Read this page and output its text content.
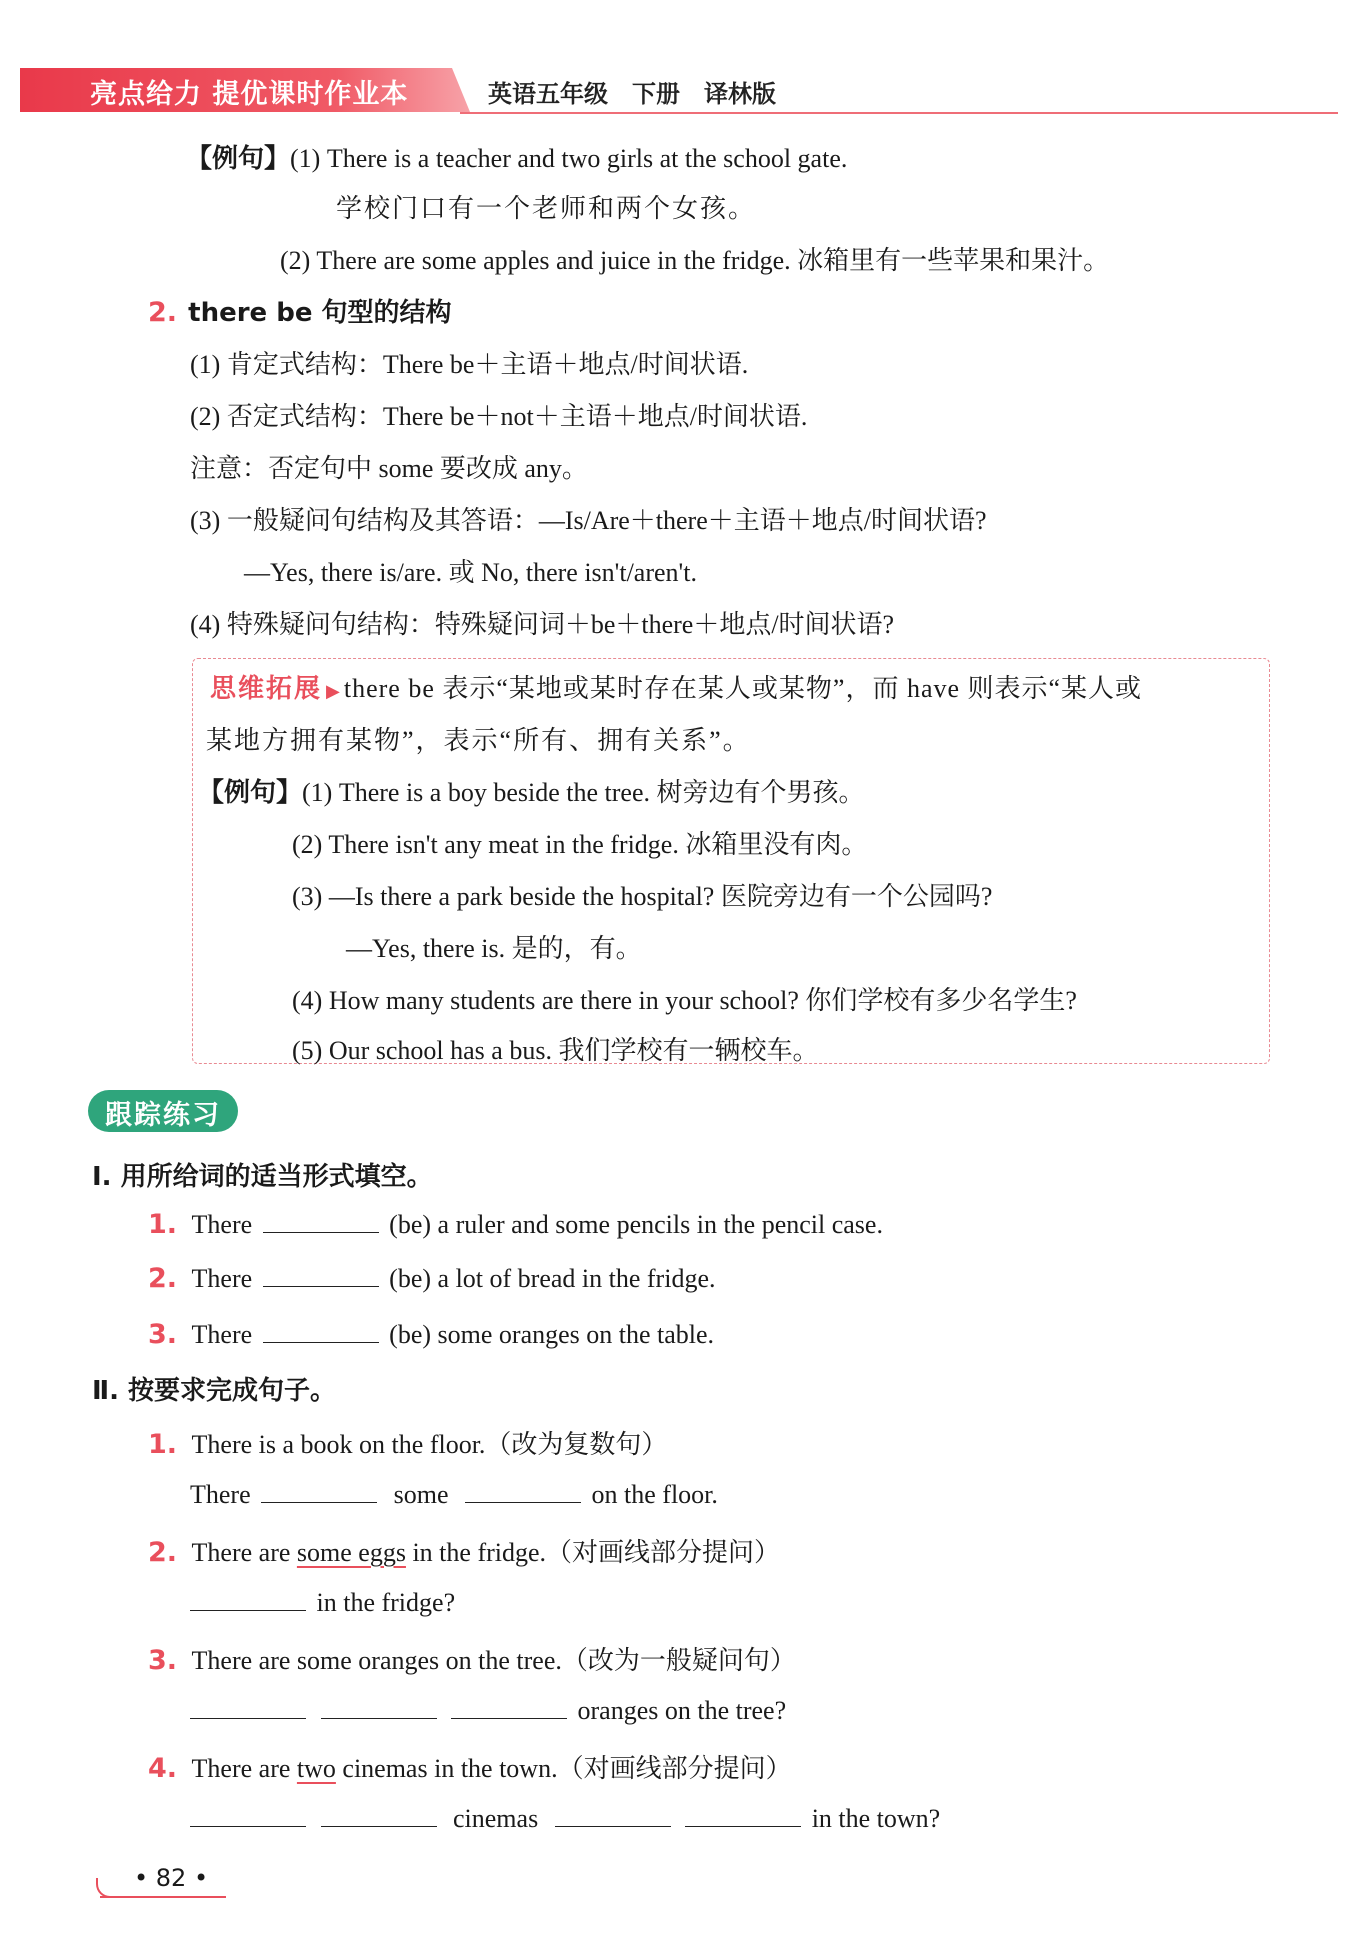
亮点给力 提优课时作业本	英语五年级　下册　译林版
【例句】(1) There is a teacher and two girls at the school gate.
学校门口有一个老师和两个女孩。
(2) There are some apples and juice in the fridge. 冰箱里有一些苹果和果汁。
2. there be 句型的结构
(1) 肯定式结构：There be＋主语＋地点/时间状语.
(2) 否定式结构：There be＋not＋主语＋地点/时间状语.
注意：否定句中 some 要改成 any。
(3) 一般疑问句结构及其答语：—Is/Are＋there＋主语＋地点/时间状语?
—Yes, there is/are. 或 No, there isn't/aren't.
(4) 特殊疑问句结构：特殊疑问词＋be＋there＋地点/时间状语?
思维拓展 ▶ there be 表示“某地或某时存在某人或某物”，而 have 则表示“某人或
某地方拥有某物”，表示“所有、拥有关系”。
【例句】(1) There is a boy beside the tree. 树旁边有个男孩。
(2) There isn't any meat in the fridge. 冰箱里没有肉。
(3) —Is there a park beside the hospital? 医院旁边有一个公园吗?
—Yes, there is. 是的，有。
(4) How many students are there in your school? 你们学校有多少名学生?
(5) Our school has a bus. 我们学校有一辆校车。
跟踪练习
Ⅰ. 用所给词的适当形式填空。
1. There	(be) a ruler and some pencils in the pencil case.
2. There	(be) a lot of bread in the fridge.
3. There	(be) some oranges on the table.
Ⅱ. 按要求完成句子。
1. There is a book on the floor.（改为复数句）
There	some	on the floor.
2. There are some eggs in the fridge.（对画线部分提问）
in the fridge?
3. There are some oranges on the tree.（改为一般疑问句）
oranges on the tree?
4. There are two cinemas in the town.（对画线部分提问）
cinemas	in the town?
• 82 •
